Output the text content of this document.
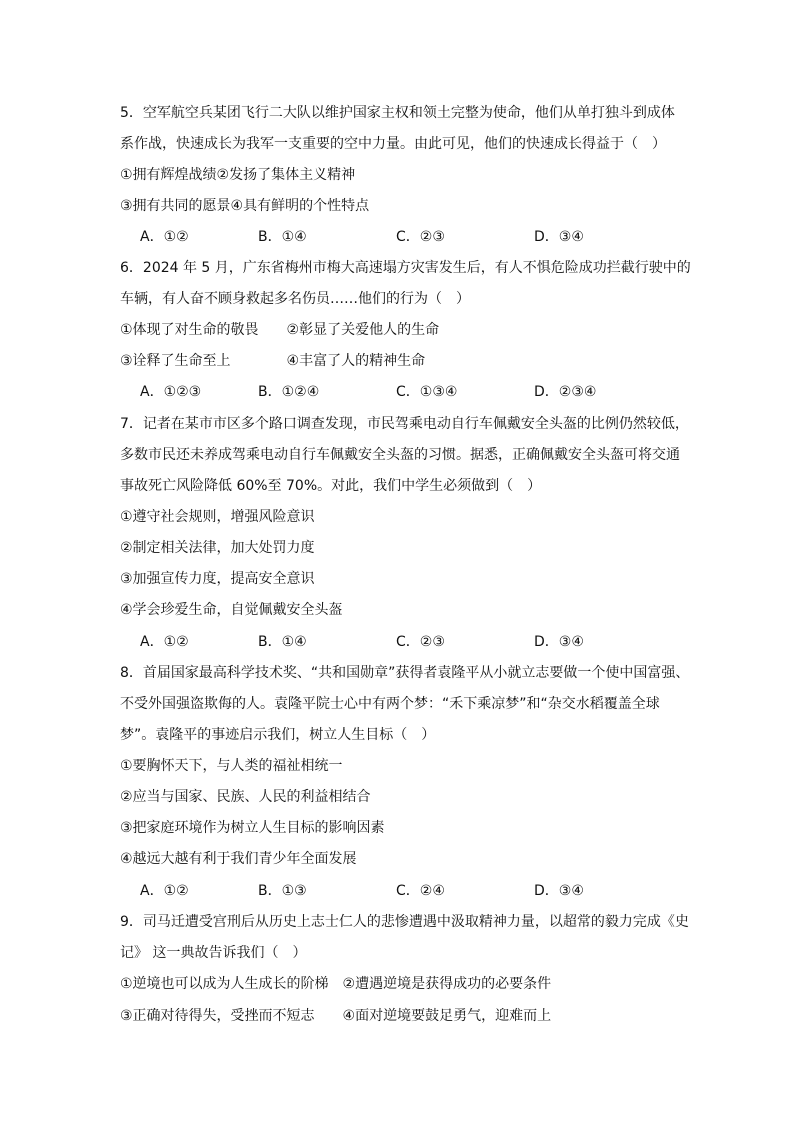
5．空军航空兵某团飞行二大队以维护国家主权和领土完整为使命，他们从单打独斗到成体
系作战，快速成长为我军一支重要的空中力量。由此可见，他们的快速成长得益于（　）
①拥有辉煌战绩②发扬了集体主义精神
③拥有共同的愿景④具有鲜明的个性特点
A．①②	B．①④	C．②③	D．③④
6．2024 年 5 月，广东省梅州市梅大高速塌方灾害发生后，有人不惧危险成功拦截行驶中的
车辆，有人奋不顾身救起多名伤员……他们的行为（　）
①体现了对生命的敬畏　　②彰显了关爱他人的生命
③诠释了生命至上　　　　④丰富了人的精神生命
A．①②③	B．①②④	C．①③④	D．②③④
7．记者在某市市区多个路口调查发现，市民驾乘电动自行车佩戴安全头盔的比例仍然较低，
多数市民还未养成驾乘电动自行车佩戴安全头盔的习惯。据悉，正确佩戴安全头盔可将交通
事故死亡风险降低 60%至 70%。对此，我们中学生必须做到（　）
①遵守社会规则，增强风险意识
②制定相关法律，加大处罚力度
③加强宣传力度，提高安全意识
④学会珍爱生命，自觉佩戴安全头盔
A．①②	B．①④	C．②③	D．③④
8．首届国家最高科学技术奖、“共和国勋章”获得者袁隆平从小就立志要做一个使中国富强、
不受外国强盗欺侮的人。袁隆平院士心中有两个梦：“禾下乘凉梦”和“杂交水稻覆盖全球
梦”。袁隆平的事迹启示我们，树立人生目标（　）
①要胸怀天下，与人类的福祉相统一
②应当与国家、民族、人民的利益相结合
③把家庭环境作为树立人生目标的影响因素
④越远大越有利于我们青少年全面发展
A．①②	B．①③	C．②④	D．③④
9．司马迁遭受宫刑后从历史上志士仁人的悲惨遭遇中汲取精神力量，以超常的毅力完成《史
记》 这一典故告诉我们（　）
①逆境也可以成为人生成长的阶梯　②遭遇逆境是获得成功的必要条件
③正确对待得失，受挫而不短志　　④面对逆境要鼓足勇气，迎难而上
